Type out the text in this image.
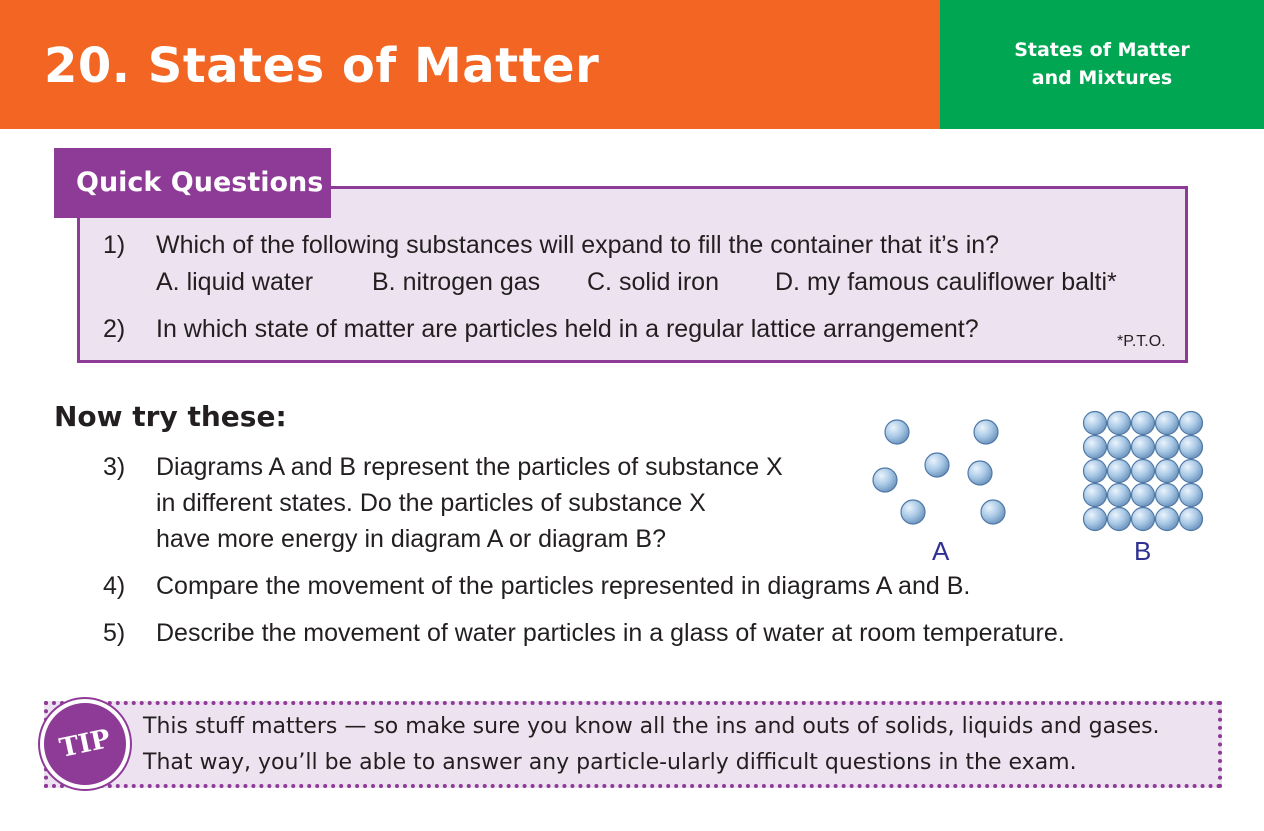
20. States of Matter	States of Matter
and Mixtures
Quick Questions
1) Which of the following substances will expand to fill the container that it’s in?
A. liquid water B. nitrogen gas C. solid iron D. my famous cauliflower balti*
2) In which state of matter are particles held in a regular lattice arrangement?	*P.T.O.
Now try these:
3) Diagrams A and B represent the particles of substance X
in different states. Do the particles of substance X
have more energy in diagram A or diagram B?
4) Compare the movement of the particles represented in diagrams A and B.
5) Describe the movement of water particles in a glass of water at room temperature.
A	B
TIP	This stuff matters — so make sure you know all the ins and outs of solids, liquids and gases.
That way, you’ll be able to answer any particle-ularly difficult questions in the exam.
